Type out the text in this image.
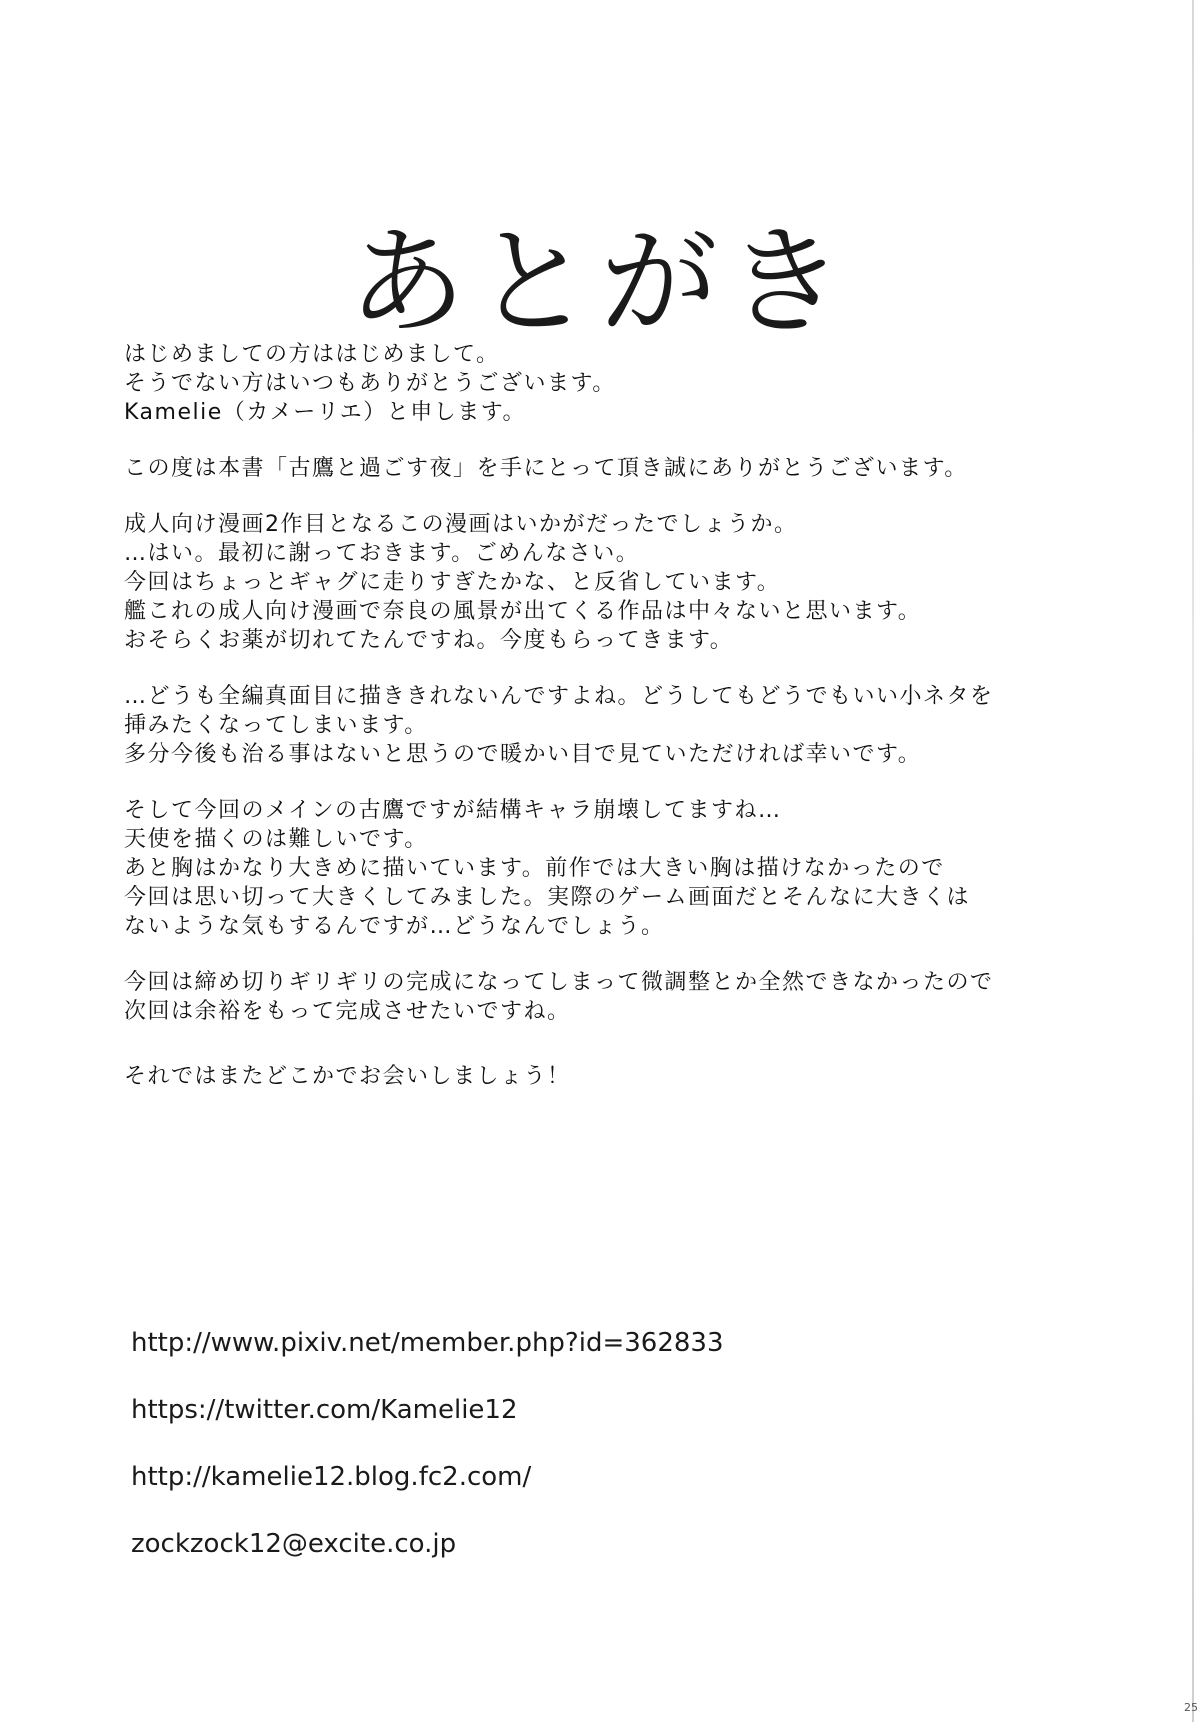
あとがき
はじめましての方ははじめまして。
そうでない方はいつもありがとうございます。
Kamelie（カメーリエ）と申します。
この度は本書「古鷹と過ごす夜」を手にとって頂き誠にありがとうございます。
成人向け漫画2作目となるこの漫画はいかがだったでしょうか。
…はい。最初に謝っておきます。ごめんなさい。
今回はちょっとギャグに走りすぎたかな、と反省しています。
艦これの成人向け漫画で奈良の風景が出てくる作品は中々ないと思います。
おそらくお薬が切れてたんですね。今度もらってきます。
…どうも全編真面目に描ききれないんですよね。どうしてもどうでもいい小ネタを
挿みたくなってしまいます。
多分今後も治る事はないと思うので暖かい目で見ていただければ幸いです。
そして今回のメインの古鷹ですが結構キャラ崩壊してますね…
天使を描くのは難しいです。
あと胸はかなり大きめに描いています。前作では大きい胸は描けなかったので
今回は思い切って大きくしてみました。実際のゲーム画面だとそんなに大きくは
ないような気もするんですが…どうなんでしょう。
今回は締め切りギリギリの完成になってしまって微調整とか全然できなかったので
次回は余裕をもって完成させたいですね。
それではまたどこかでお会いしましょう！
http://www.pixiv.net/member.php?id=362833
https://twitter.com/Kamelie12
http://kamelie12.blog.fc2.com/
zockzock12@excite.co.jp
25
